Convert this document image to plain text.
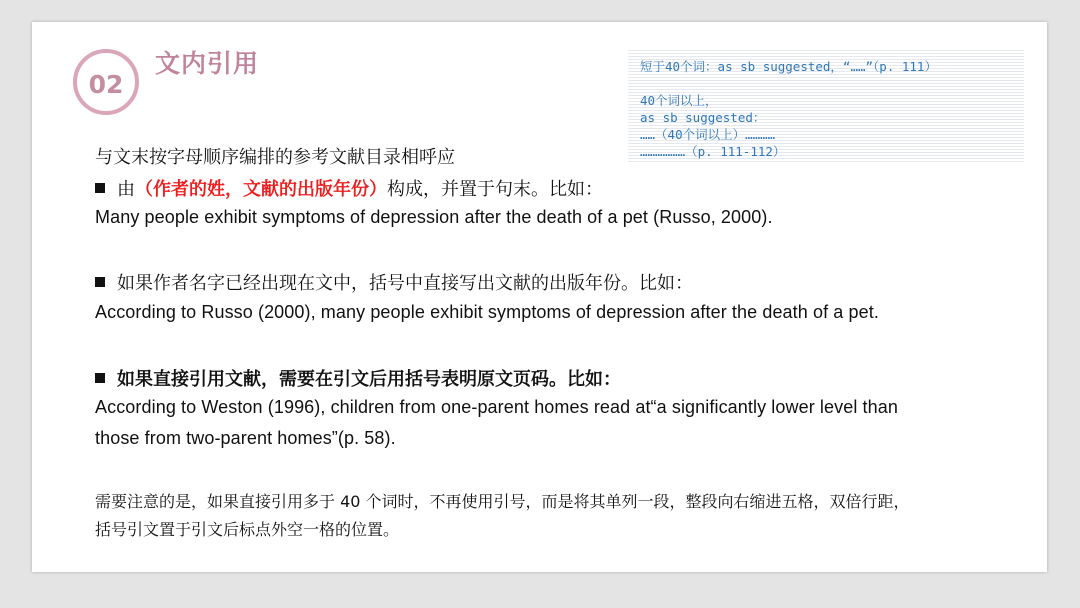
02
文内引用	短于40个词：as sb suggested，“……”（p. 111）
40个词以上，
as sb suggested：
……（40个词以上）…………
………………（p. 111-112）
与文末按字母顺序编排的参考文献目录相呼应
由（作者的姓，文献的出版年份）构成，并置于句末。比如：
Many people exhibit symptoms of depression after the death of a pet (Russo, 2000).
如果作者名字已经出现在文中，括号中直接写出文献的出版年份。比如：
According to Russo (2000), many people exhibit symptoms of depression after the death of a pet.
如果直接引用文献，需要在引文后用括号表明原文页码。比如：
According to Weston (1996), children from one-parent homes read at“a significantly lower level than
those from two-parent homes”(p. 58).
需要注意的是，如果直接引用多于 40 个词时，不再使用引号，而是将其单列一段，整段向右缩进五格，双倍行距，
括号引文置于引文后标点外空一格的位置。
